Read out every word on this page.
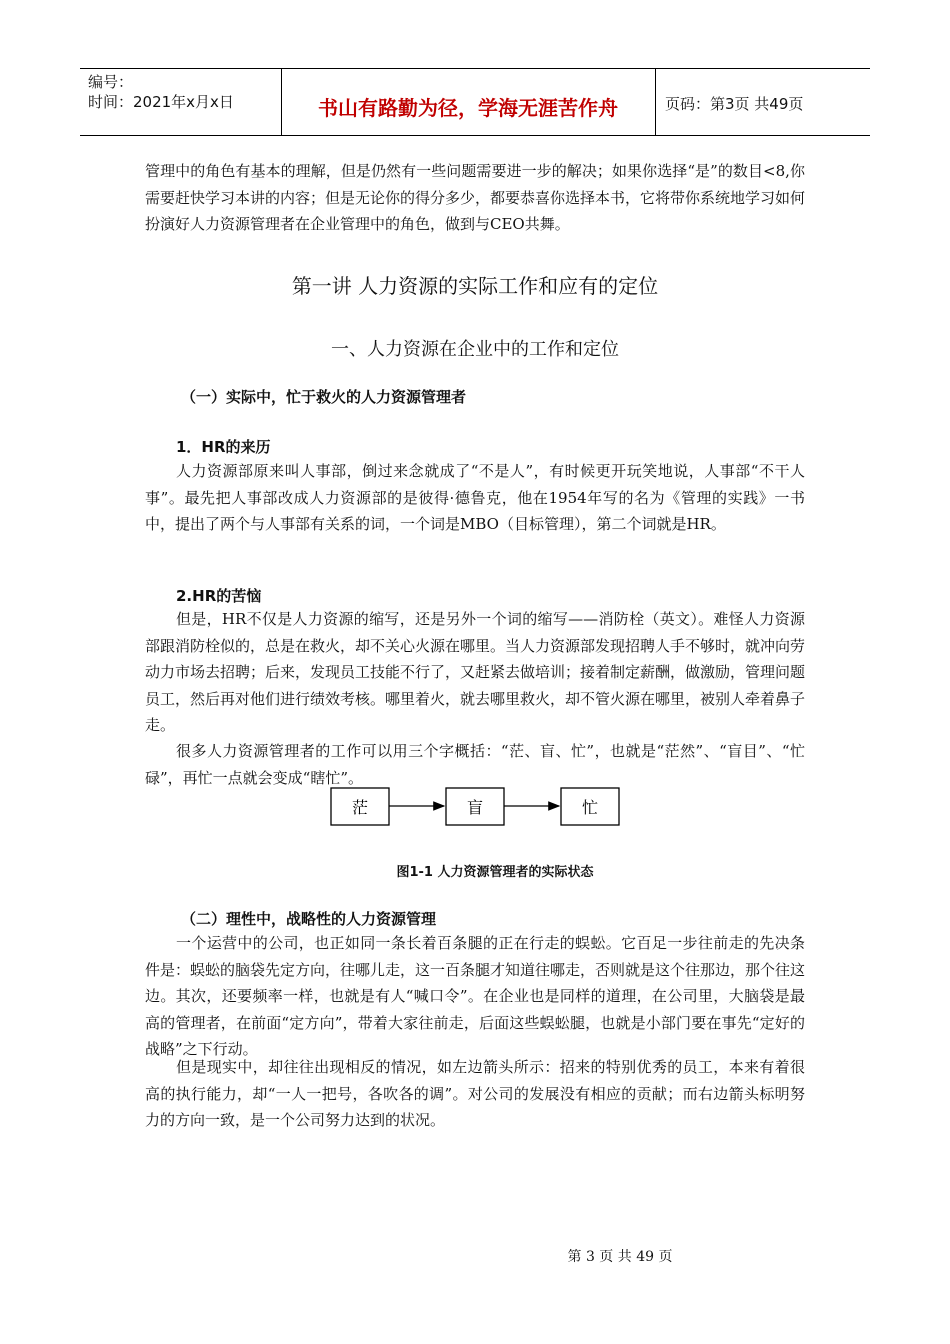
编号：
时间：2021年x月x日	书山有路勤为径，学海无涯苦作舟	页码：第3页 共49页
管理中的角色有基本的理解，但是仍然有一些问题需要进一步的解决；如果你选择“是”的数目<8,你需要赶快学习本讲的内容；但是无论你的得分多少，都要恭喜你选择本书，它将带你系统地学习如何扮演好人力资源管理者在企业管理中的角色，做到与CEO共舞。
第一讲 人力资源的实际工作和应有的定位
一、人力资源在企业中的工作和定位
（一）实际中，忙于救火的人力资源管理者
1．HR的来历
人力资源部原来叫人事部，倒过来念就成了“不是人”，有时候更开玩笑地说，人事部“不干人事”。最先把人事部改成人力资源部的是彼得·德鲁克，他在1954年写的名为《管理的实践》一书中，提出了两个与人事部有关系的词，一个词是MBO（目标管理），第二个词就是HR。
2.HR的苦恼
但是，HR不仅是人力资源的缩写，还是另外一个词的缩写——消防栓（英文）。难怪人力资源部跟消防栓似的，总是在救火，却不关心火源在哪里。当人力资源部发现招聘人手不够时，就冲向劳动力市场去招聘；后来，发现员工技能不行了，又赶紧去做培训；接着制定薪酬，做激励，管理问题员工，然后再对他们进行绩效考核。哪里着火，就去哪里救火，却不管火源在哪里，被别人牵着鼻子走。
很多人力资源管理者的工作可以用三个字概括：“茫、盲、忙”，也就是“茫然”、“盲目”、“忙碌”，再忙一点就会变成“瞎忙”。
茫	盲	忙
图1-1 人力资源管理者的实际状态
（二）理性中，战略性的人力资源管理
一个运营中的公司，也正如同一条长着百条腿的正在行走的蜈蚣。它百足一步往前走的先决条件是：蜈蚣的脑袋先定方向，往哪儿走，这一百条腿才知道往哪走，否则就是这个往那边，那个往这边。其次，还要频率一样，也就是有人“喊口令”。在企业也是同样的道理，在公司里，大脑袋是最高的管理者，在前面“定方向”，带着大家往前走，后面这些蜈蚣腿，也就是小部门要在事先“定好的战略”之下行动。
但是现实中，却往往出现相反的情况，如左边箭头所示：招来的特别优秀的员工，本来有着很高的执行能力，却“一人一把号，各吹各的调”。对公司的发展没有相应的贡献；而右边箭头标明努力的方向一致，是一个公司努力达到的状况。
第 3 页 共 49 页
